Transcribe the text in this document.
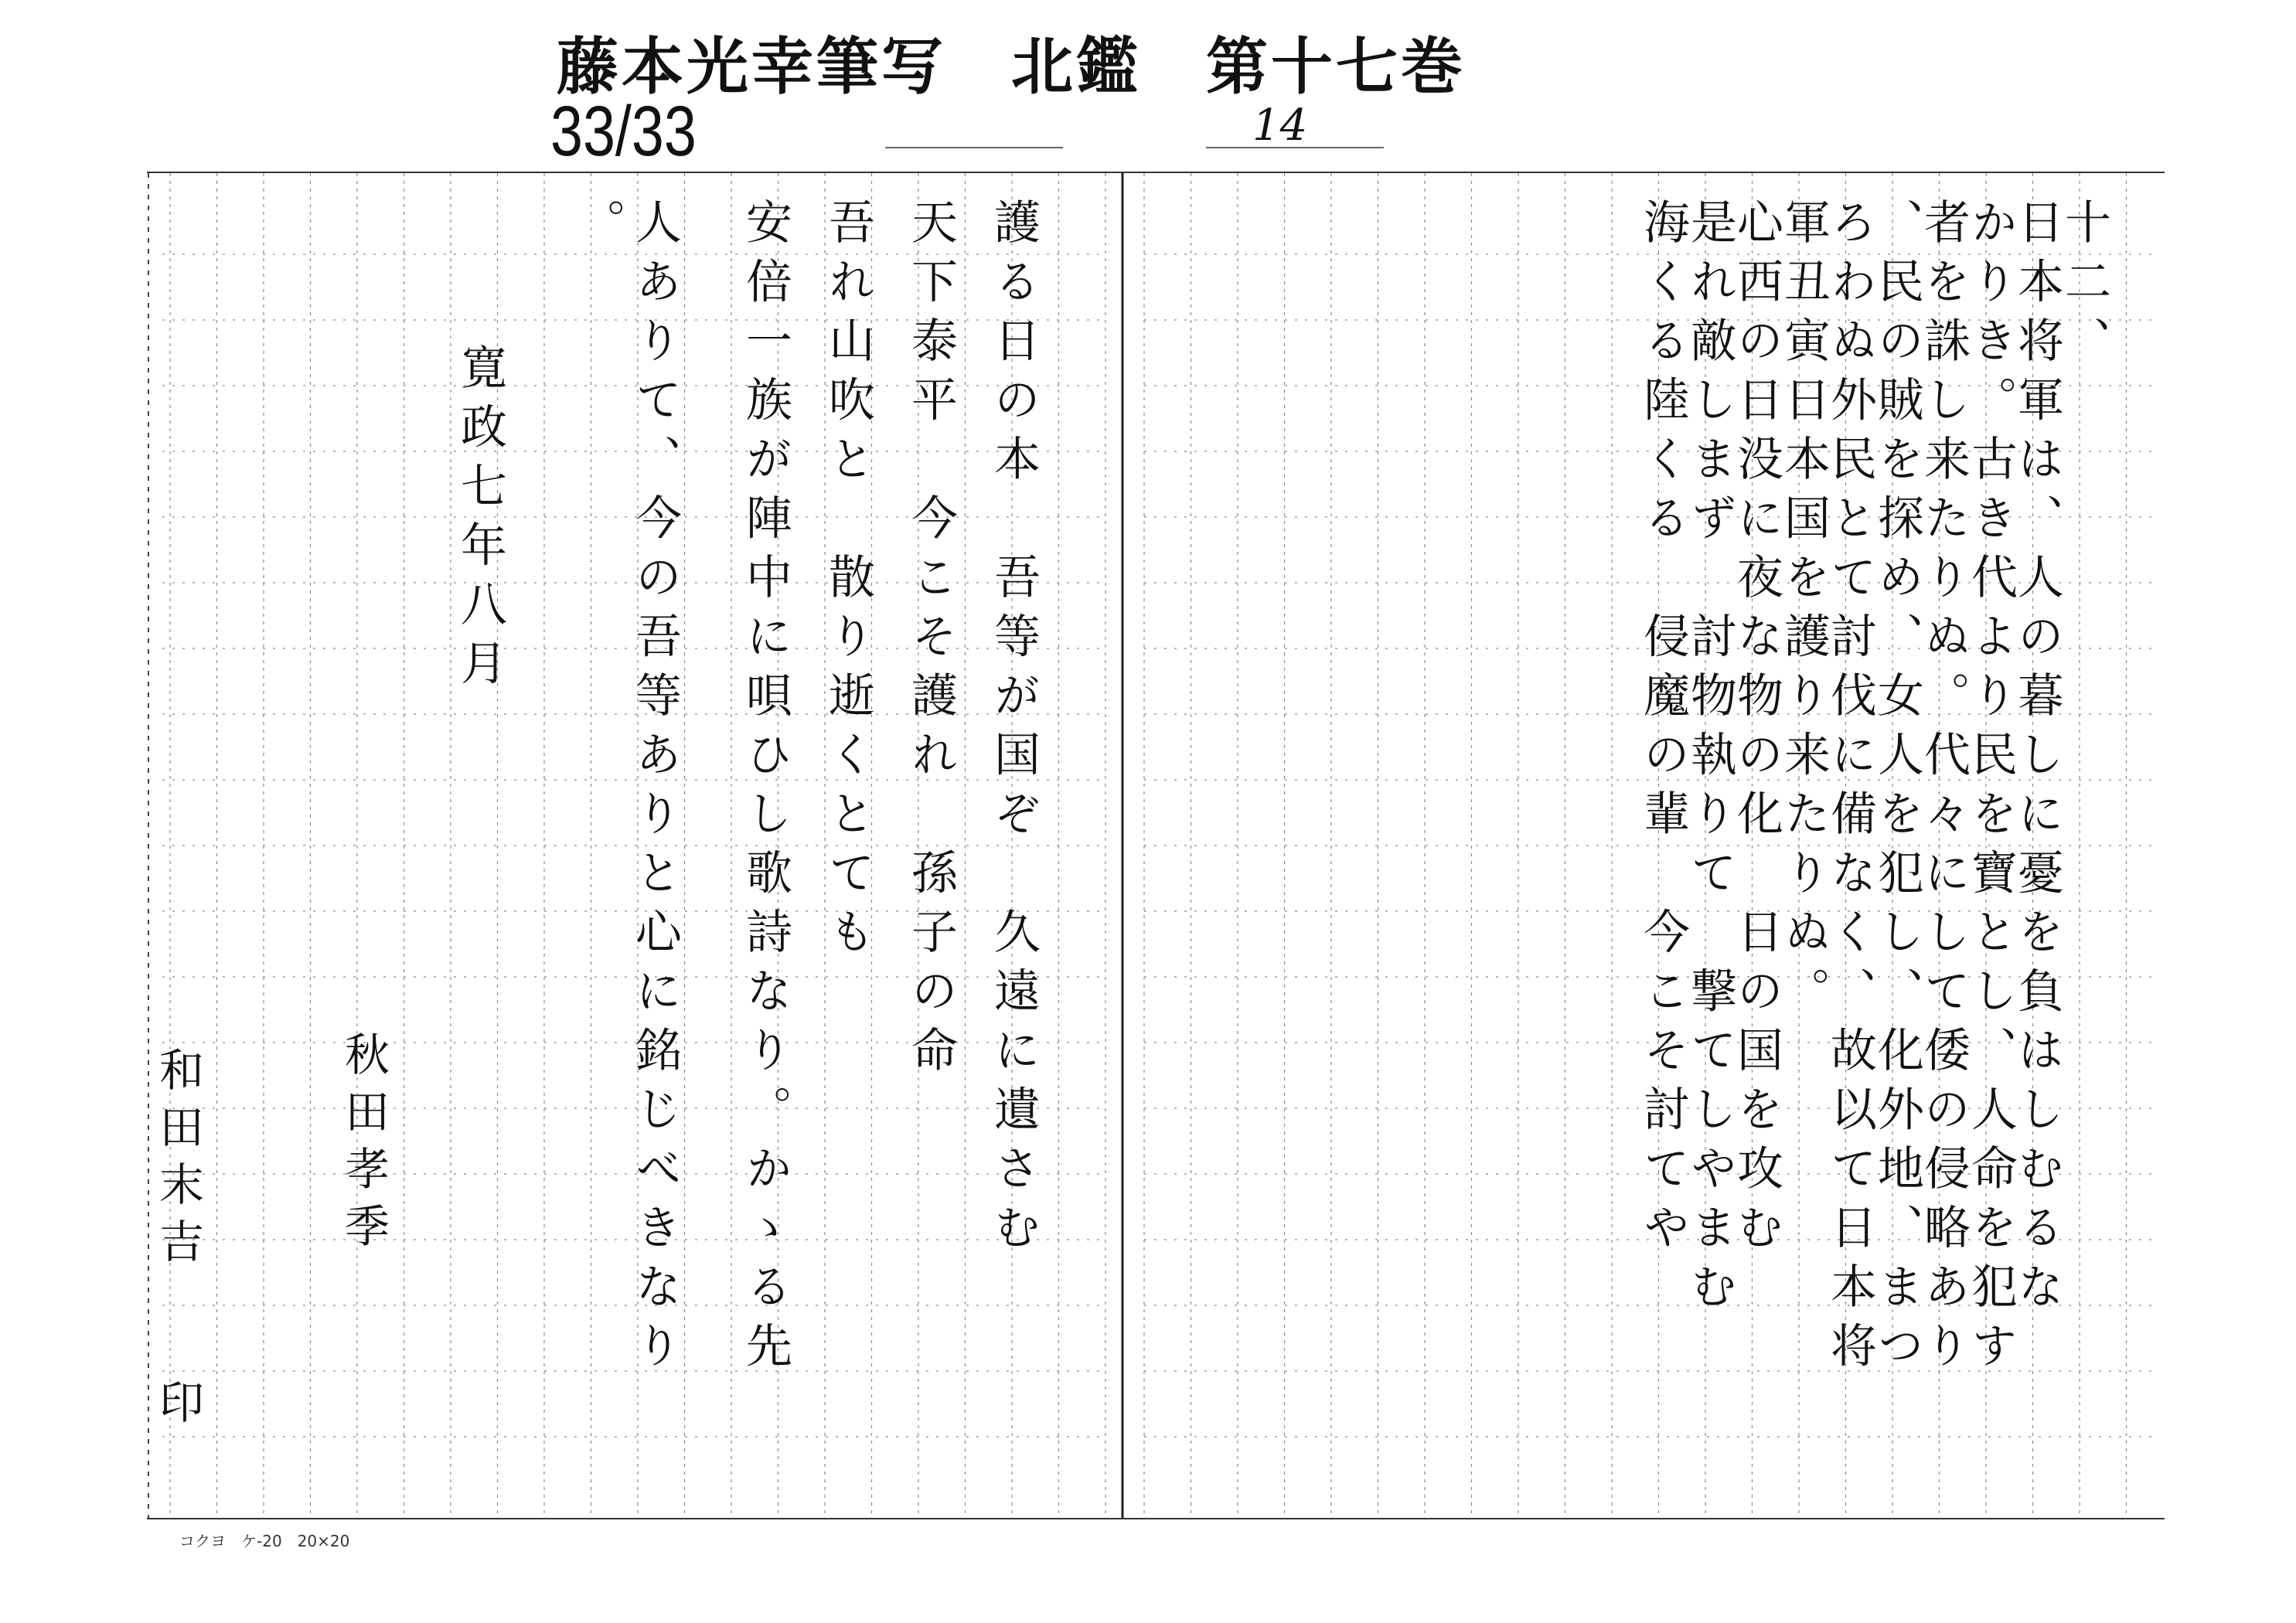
藤本光幸筆写　北鑑　第十七巻
33/33	14
十二、
日本将軍は、人の暮しに憂を負はしむるな
かりき。古き代より民を寶とし、人命を犯す
者を誅し来たりぬ。代々にして倭の侵略あり
、民の賊を探め、女人を犯し、化外地、まつ
ろわぬ外民とて討伐に備なく、故以て日本将
軍丑寅日本国を護り来たりぬ。
心西の日没に夜な物の化　日の国を攻む
是れ敵しまず　討物執りて　撃てしやまむ
海くる陸くる　侵魔の輩　今こそ討てや
護る日の本　吾等が国ぞ　久遠に遺さむ
天下泰平　今こそ護れ　孫子の命
吾れ山吹と　散り逝くとても
安倍一族が陣中に唄ひし歌詩なり。かゝる先
人ありて、今の吾等ありと心に銘じべきなり
。
寛政七年八月
秋田孝季
和田末吉
印
コクヨ　ケ-20　20×20
